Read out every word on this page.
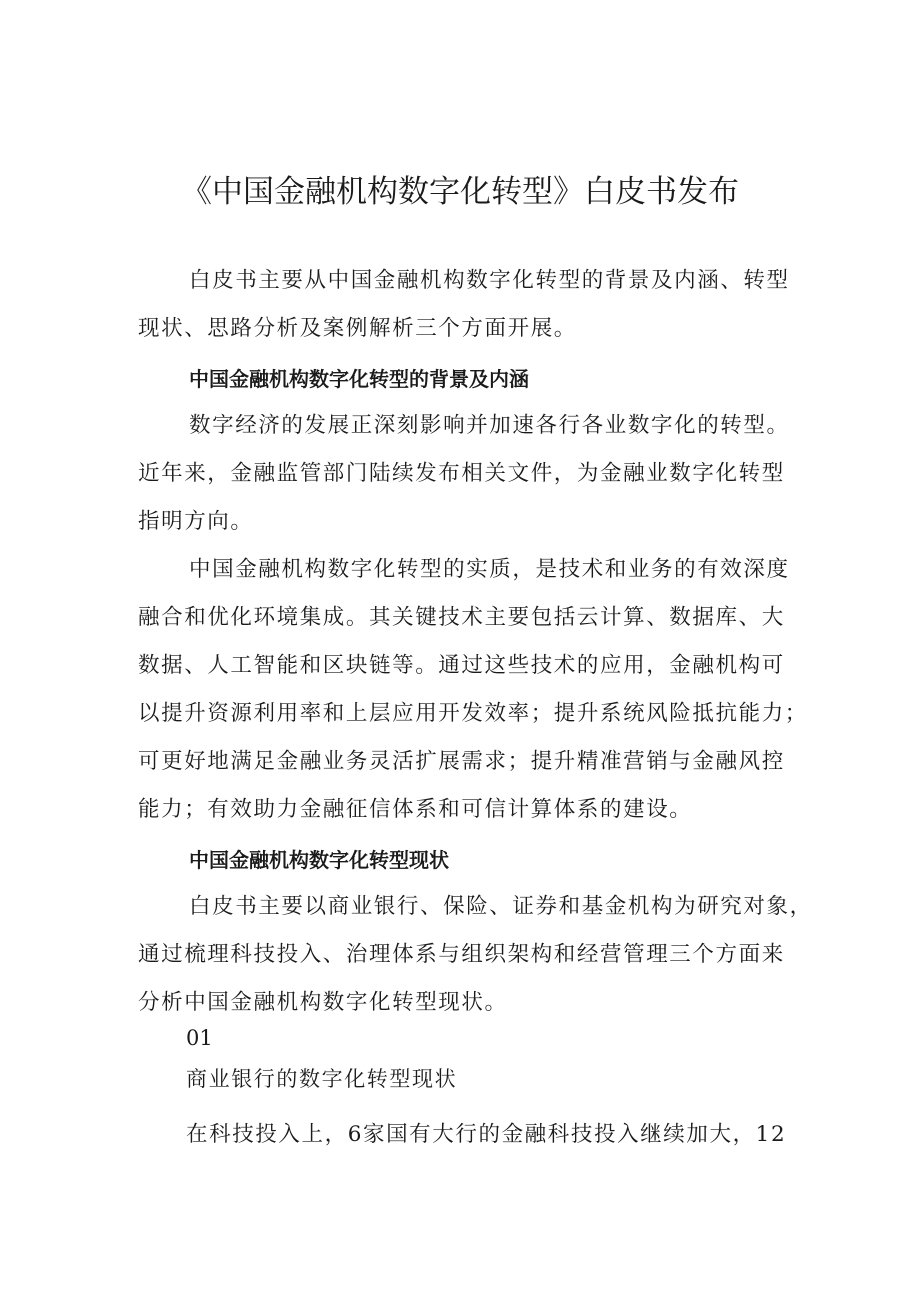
《中国金融机构数字化转型》白皮书发布
白皮书主要从中国金融机构数字化转型的背景及内涵、转型
现状、思路分析及案例解析三个方面开展。
中国金融机构数字化转型的背景及内涵
数字经济的发展正深刻影响并加速各行各业数字化的转型。
近年来，金融监管部门陆续发布相关文件，为金融业数字化转型
指明方向。
中国金融机构数字化转型的实质，是技术和业务的有效深度
融合和优化环境集成。其关键技术主要包括云计算、数据库、大
数据、人工智能和区块链等。通过这些技术的应用，金融机构可
以提升资源利用率和上层应用开发效率；提升系统风险抵抗能力；
可更好地满足金融业务灵活扩展需求；提升精准营销与金融风控
能力；有效助力金融征信体系和可信计算体系的建设。
中国金融机构数字化转型现状
白皮书主要以商业银行、保险、证券和基金机构为研究对象，
通过梳理科技投入、治理体系与组织架构和经营管理三个方面来
分析中国金融机构数字化转型现状。
01
商业银行的数字化转型现状
在科技投入上，6家国有大行的金融科技投入继续加大，12
